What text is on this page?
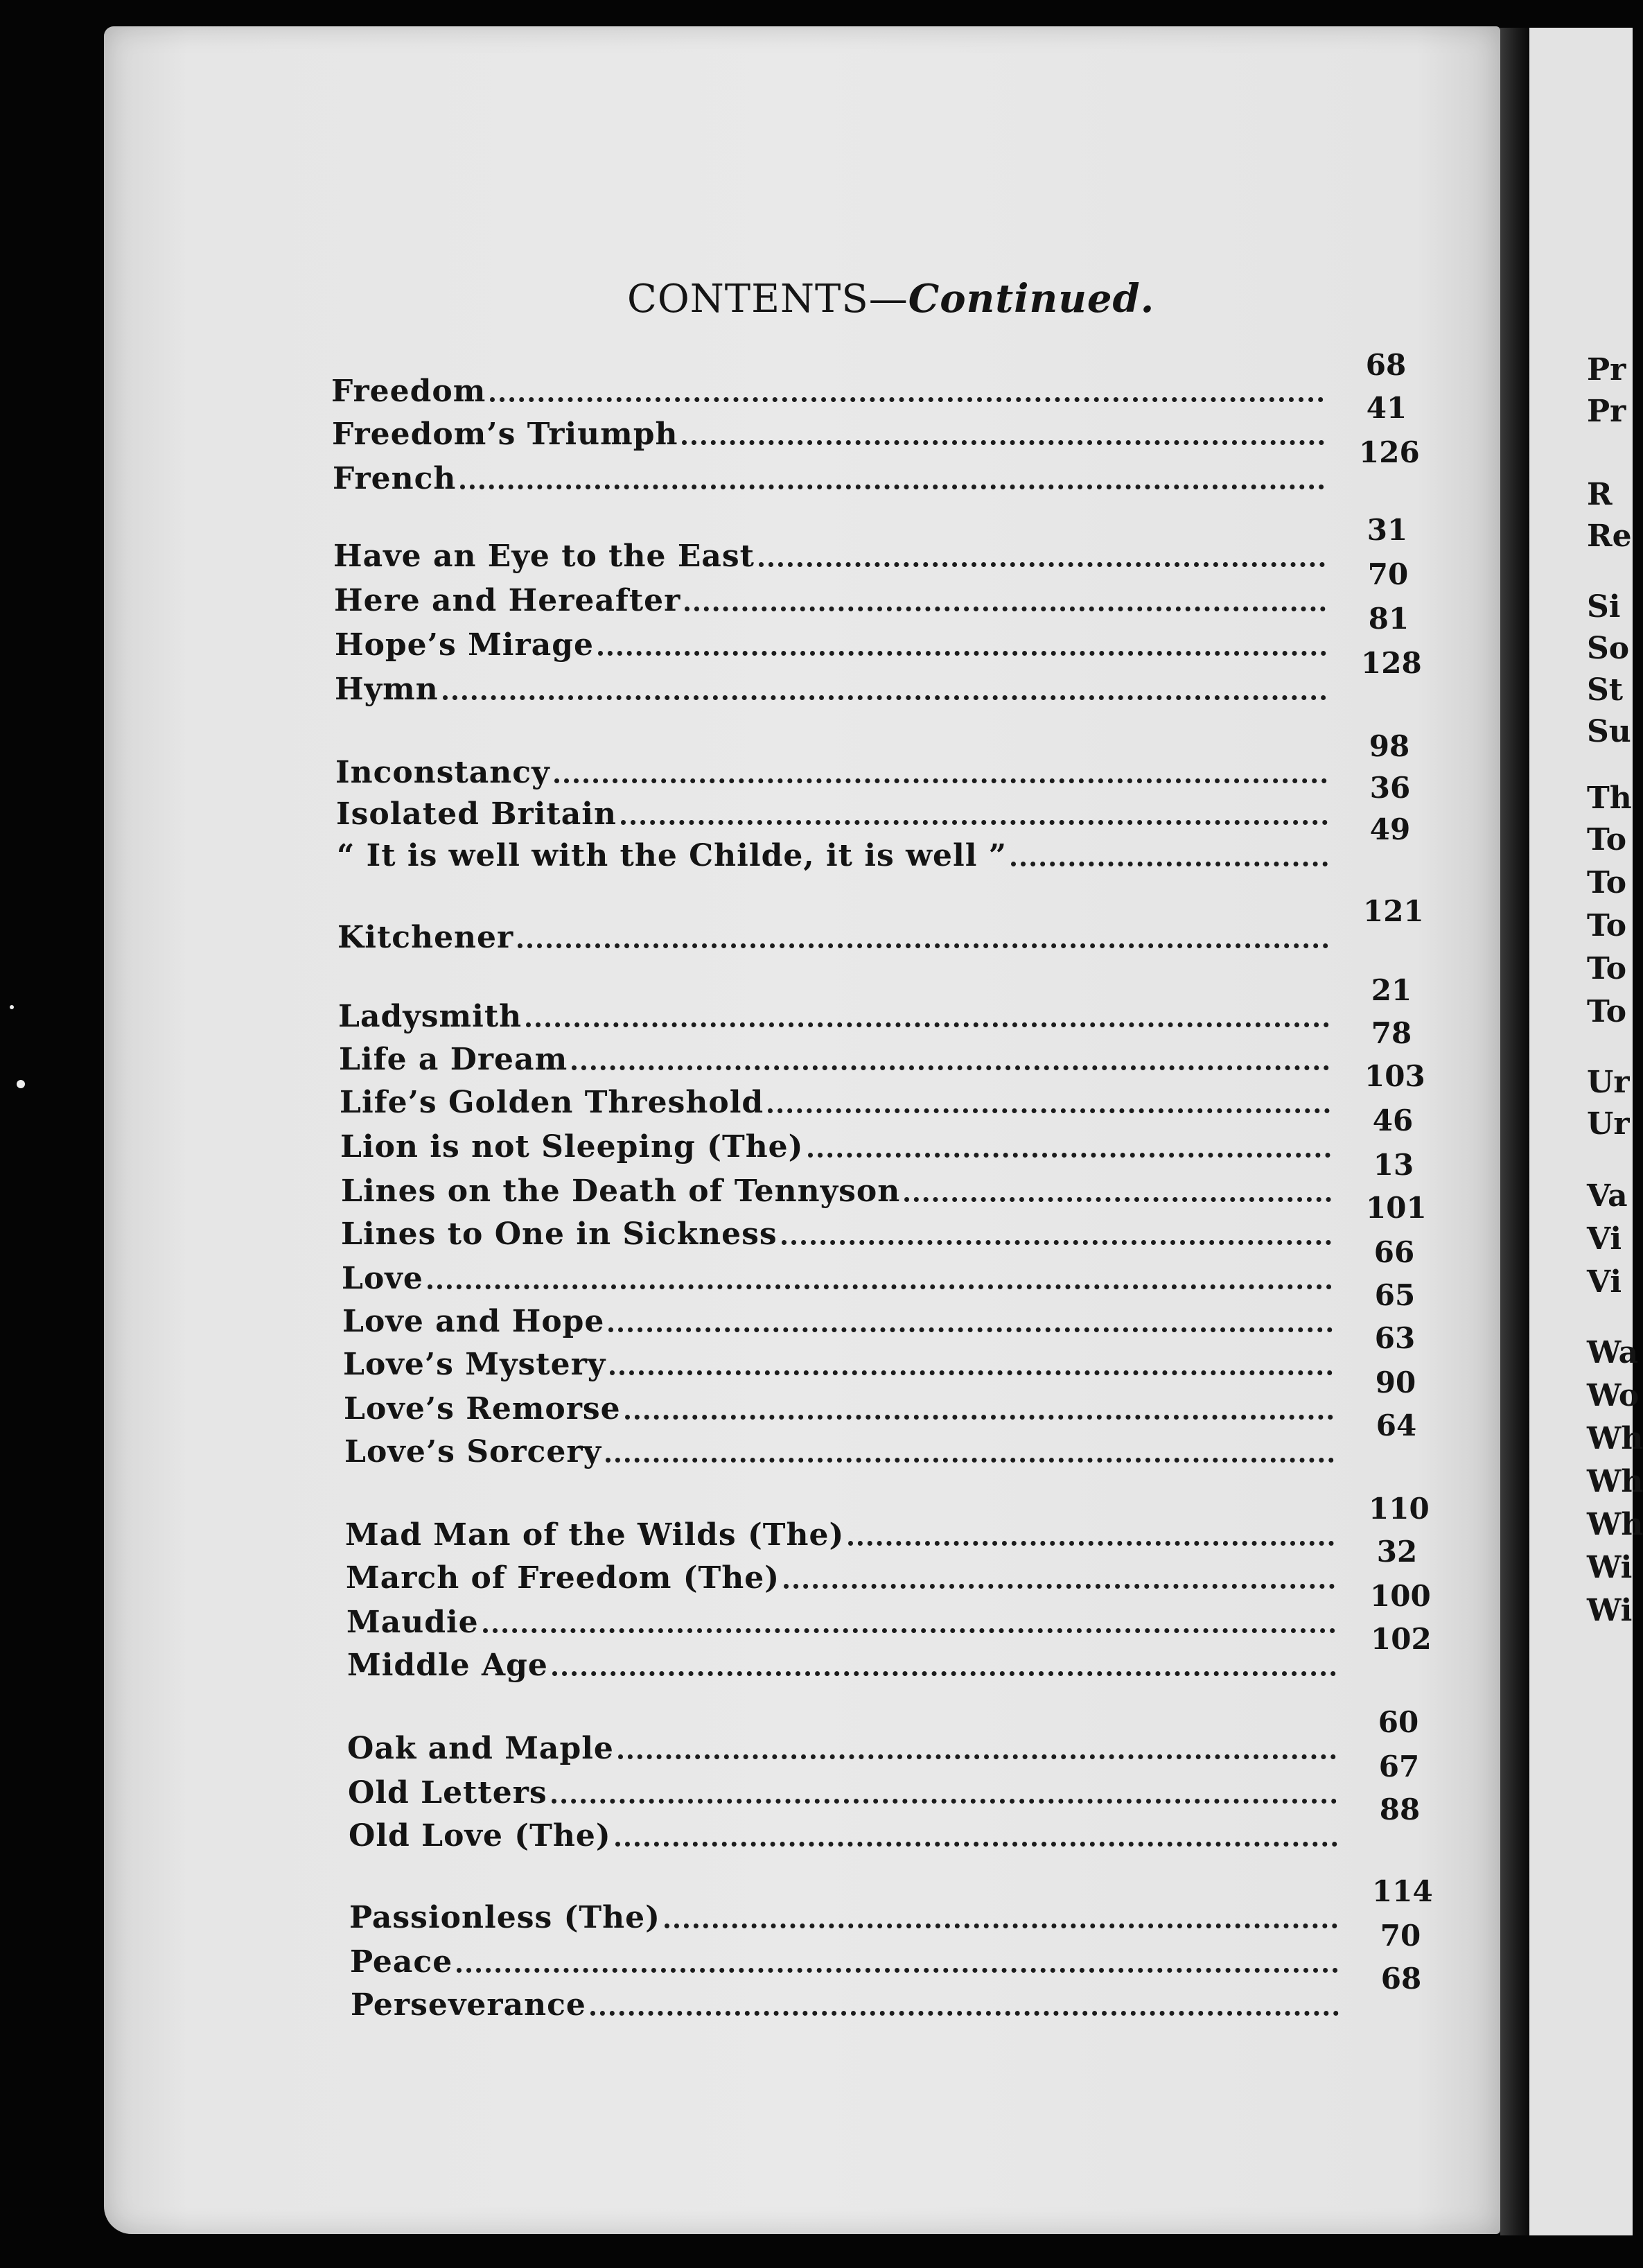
CONTENTS—Continued.
Freedom
68
Freedom’s Triumph
41
French
126
Have an Eye to the East
31
Here and Hereafter
70
Hope’s Mirage
81
Hymn
128
Inconstancy
98
Isolated Britain
36
“ It is well with the Childe, it is well ”
49
Kitchener
121
Ladysmith
21
Life a Dream
78
Life’s Golden Threshold
103
Lion is not Sleeping (The)
46
Lines on the Death of Tennyson
13
Lines to One in Sickness
101
Love
66
Love and Hope
65
Love’s Mystery
63
Love’s Remorse
90
Love’s Sorcery
64
Mad Man of the Wilds (The)
110
March of Freedom (The)
32
Maudie
100
Middle Age
102
Oak and Maple
60
Old Letters
67
Old Love (The)
88
Passionless (The)
114
Peace
70
Perseverance
68
Pr
Pr
R
Re
Si
So
St
Su
Th
To
To
To
To
To
Ur
Ur
Va
Vi
Vi
Wa
Wo
Wh
Wh
Wh
Wi
Wi
